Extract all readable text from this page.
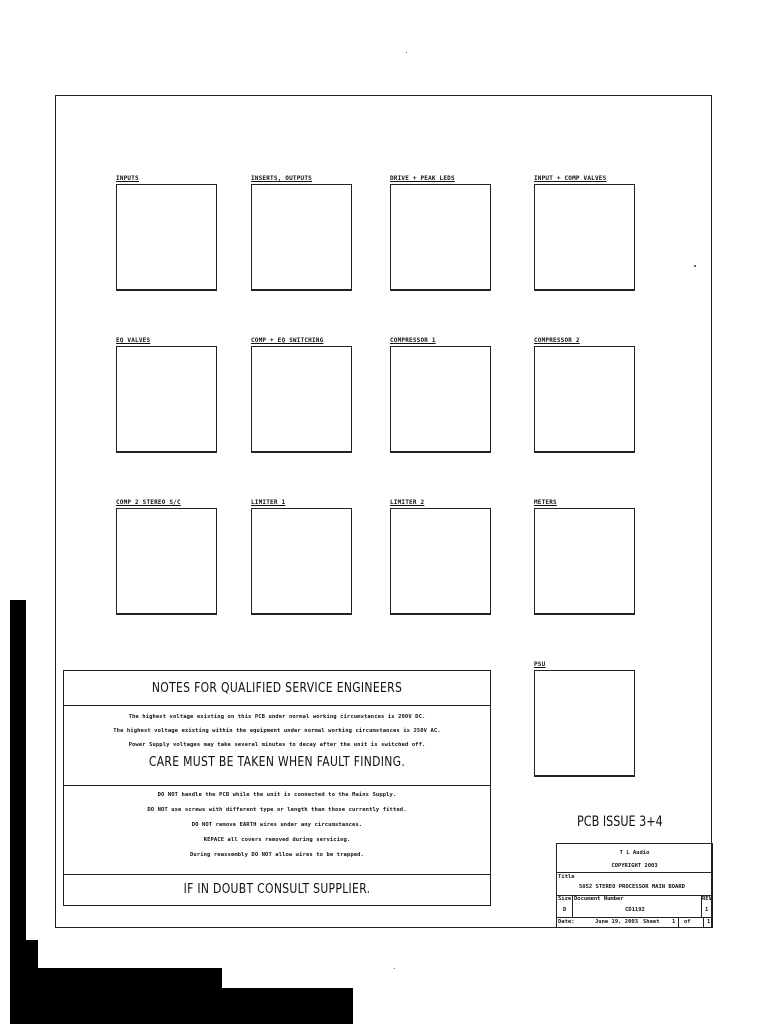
INPUTS	INSERTS, OUTPUTS	DRIVE + PEAK LEDS	INPUT + COMP VALVES
EQ VALVES	COMP + EQ SWITCHING	COMPRESSOR 1	COMPRESSOR 2
COMP 2 STEREO S/C	LIMITER 1	LIMITER 2	METERS
PSU
NOTES FOR QUALIFIED SERVICE ENGINEERS
The highest voltage existing on this PCB under normal working circumstances is 200V DC.
The highest voltage existing within the equipment under normal working circumstances is 250V AC.
Power Supply voltages may take several minutes to decay after the unit is switched off.
CARE MUST BE TAKEN WHEN FAULT FINDING.
DO NOT handle the PCB while the unit is connected to the Mains Supply.
DO NOT use screws with different type or length than those currently fitted.
DO NOT remove EARTH wires under any circumstances.
REPACE all covers removed during servicing.
During reassembly DO NOT allow wires to be trapped.
IF IN DOUBT CONSULT SUPPLIER.
PCB ISSUE 3+4
T L Audio
COPYRIGHT 2003
Title
5052 STEREO PROCESSOR MAIN BOARD
Size Document Number	REV
D	CD1192	1
Date:	June 19, 2003 Sheet 1 of	1
